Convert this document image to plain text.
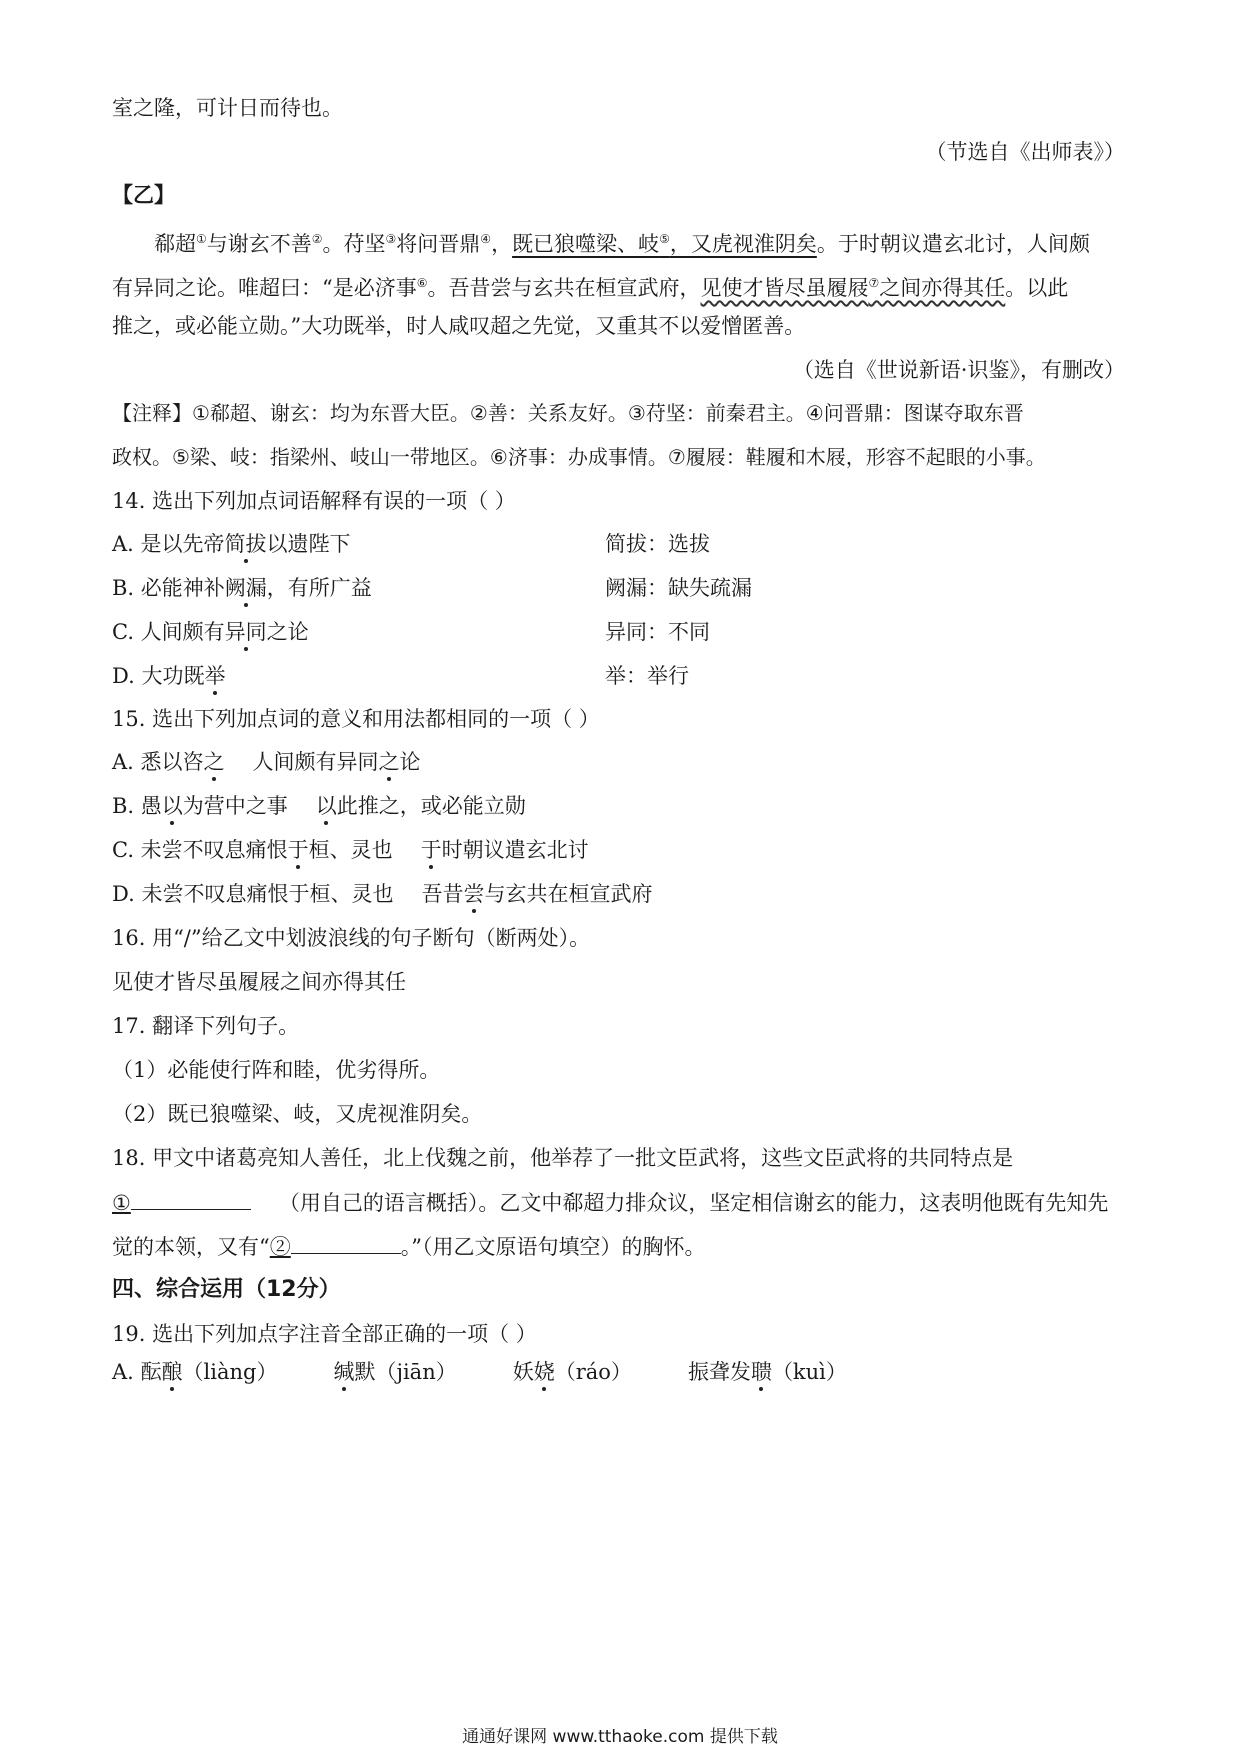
室之隆，可计日而待也。
（节选自《出师表》）
【乙】
郗超①与谢玄不善②。苻坚③将问晋鼎④，既已狼噬梁、岐⑤，又虎视淮阴矣。于时朝议遣玄北讨，人间颇
有异同之论。唯超曰：“是必济事⑥。吾昔尝与玄共在桓宣武府，见使才皆尽虽履屐⑦之间亦得其任。以此
推之，或必能立勋。”大功既举，时人咸叹超之先觉，又重其不以爱憎匿善。
（选自《世说新语·识鉴》，有删改）
【注释】①郗超、谢玄：均为东晋大臣。②善：关系友好。③苻坚：前秦君主。④问晋鼎：图谋夺取东晋
政权。⑤梁、岐：指梁州、岐山一带地区。⑥济事：办成事情。⑦履屐：鞋履和木屐，形容不起眼的小事。
14. 选出下列加点词语解释有误的一项（ ）
A. 是以先帝简拔以遗陛下	简拔：选拔
B. 必能神补阙漏，有所广益	阙漏：缺失疏漏
C. 人间颇有异同之论	异同：不同
D. 大功既举	举：举行
15. 选出下列加点词的意义和用法都相同的一项（ ）
A. 悉以咨之 人间颇有异同之论
B. 愚以为营中之事 以此推之，或必能立勋
C. 未尝不叹息痛恨于桓、灵也 于时朝议遣玄北讨
D. 未尝不叹息痛恨于桓、灵也 吾昔尝与玄共在桓宣武府
16. 用“/”给乙文中划波浪线的句子断句（断两处）。
见使才皆尽虽履屐之间亦得其任
17. 翻译下列句子。
（1）必能使行阵和睦，优劣得所。
（2）既已狼噬梁、岐，又虎视淮阴矣。
18. 甲文中诸葛亮知人善任，北上伐魏之前，他举荐了一批文臣武将，这些文臣武将的共同特点是
①	（用自己的语言概括）。乙文中郗超力排众议，坚定相信谢玄的能力，这表明他既有先知先
觉的本领，又有“②	。”（用乙文原语句填空）的胸怀。
四、综合运用（12分）
19. 选出下列加点字注音全部正确的一项（ ）
A. 酝酿（liàng）	缄默（jiān）	妖娆（ráo）	振聋发聩（kuì）
通通好课网 www.tthaoke.com 提供下载
